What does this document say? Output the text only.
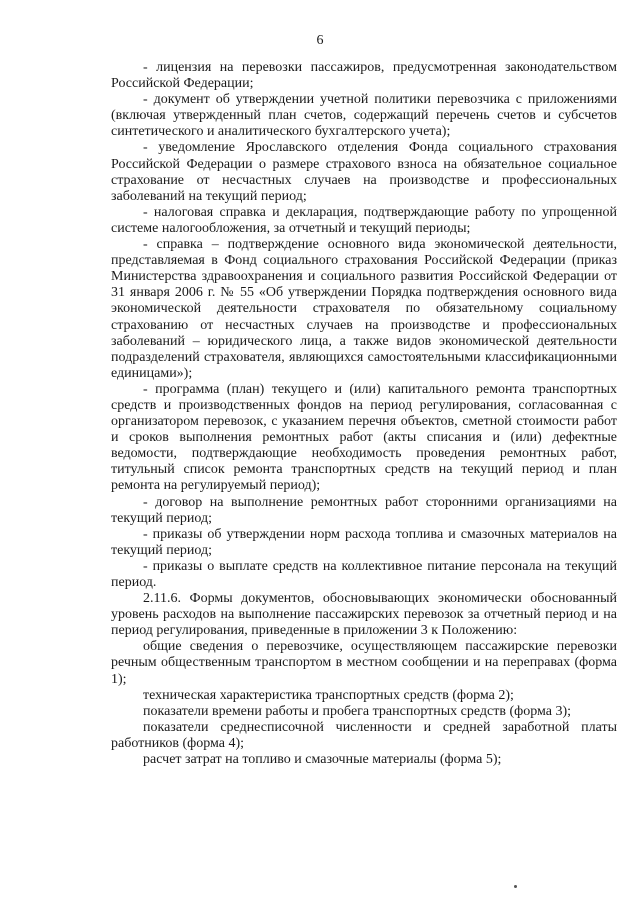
6

- лицензия на перевозки пассажиров, предусмотренная законодательством Российской Федерации;

- документ об утверждении учетной политики перевозчика с приложениями (включая утвержденный план счетов, содержащий перечень счетов и субсчетов синтетического и аналитического бухгалтерского учета);

- уведомление Ярославского отделения Фонда социального страхования Российской Федерации о размере страхового взноса на обязательное социальное страхование от несчастных случаев на производстве и профессиональных заболеваний на текущий период;

- налоговая справка и декларация, подтверждающие работу по упрощенной системе налогообложения, за отчетный и текущий периоды;

- справка – подтверждение основного вида экономической деятельности, представляемая в Фонд социального страхования Российской Федерации (приказ Министерства здравоохранения и социального развития Российской Федерации от 31 января 2006 г. № 55 «Об утверждении Порядка подтверждения основного вида экономической деятельности страхователя по обязательному социальному страхованию от несчастных случаев на производстве и профессиональных заболеваний – юридического лица, а также видов экономической деятельности подразделений страхователя, являющихся самостоятельными классификационными единицами»);

- программа (план) текущего и (или) капитального ремонта транспортных средств и производственных фондов на период регулирования, согласованная с организатором перевозок, с указанием перечня объектов, сметной стоимости работ и сроков выполнения ремонтных работ (акты списания и (или) дефектные ведомости, подтверждающие необходимость проведения ремонтных работ, титульный список ремонта транспортных средств на текущий период и план ремонта на регулируемый период);

- договор на выполнение ремонтных работ сторонними организациями на текущий период;

- приказы об утверждении норм расхода топлива и смазочных материалов на текущий период;

- приказы о выплате средств на коллективное питание персонала на текущий период.

2.11.6. Формы документов, обосновывающих экономически обоснованный уровень расходов на выполнение пассажирских перевозок за отчетный период и на период регулирования, приведенные в приложении 3 к Положению:

общие сведения о перевозчике, осуществляющем пассажирские перевозки речным общественным транспортом в местном сообщении и на переправах (форма 1);

техническая характеристика транспортных средств (форма 2);

показатели времени работы и пробега транспортных средств (форма 3);

показатели среднесписочной численности и средней заработной платы работников (форма 4);

расчет затрат на топливо и смазочные материалы (форма 5);
